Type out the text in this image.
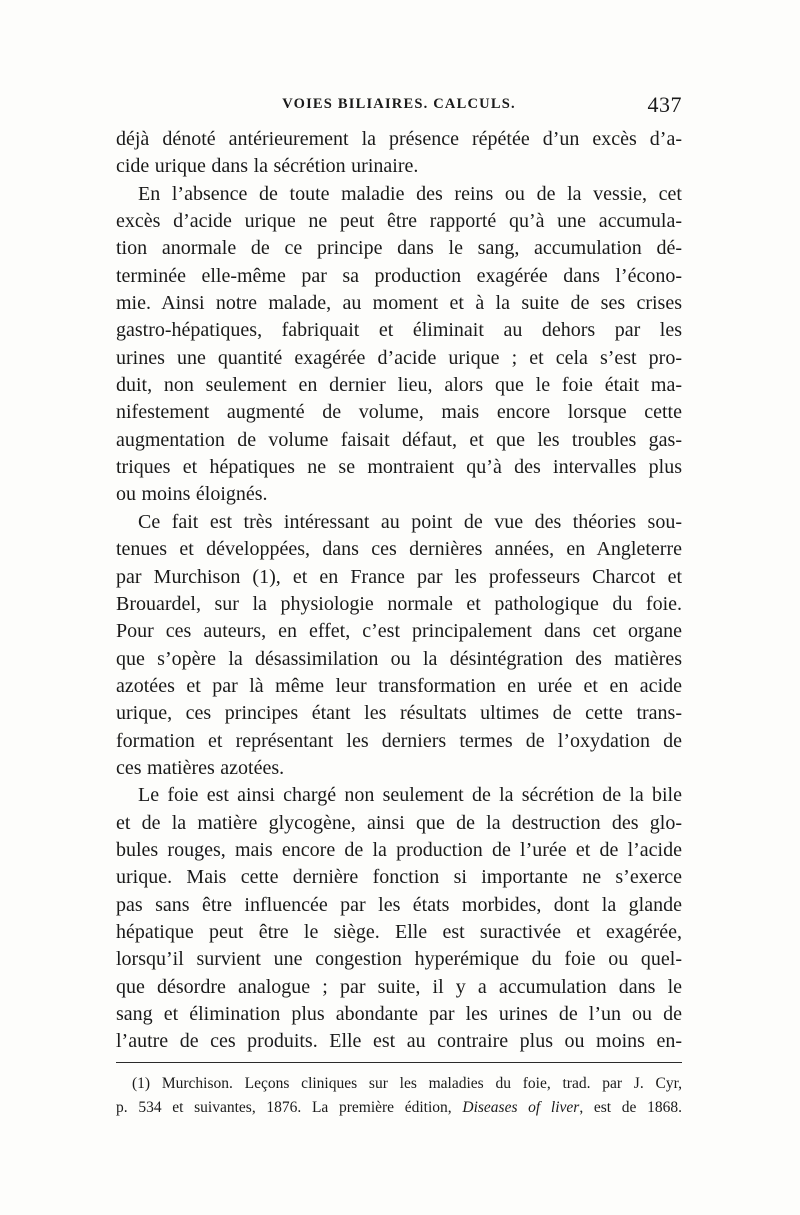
VOIES BILIAIRES. CALCULS.	437
déjà dénoté antérieurement la présence répétée d’un excès d’a-
cide urique dans la sécrétion urinaire.
En l’absence de toute maladie des reins ou de la vessie, cet
excès d’acide urique ne peut être rapporté qu’à une accumula-
tion anormale de ce principe dans le sang, accumulation dé-
terminée elle-même par sa production exagérée dans l’écono-
mie. Ainsi notre malade, au moment et à la suite de ses crises
gastro-hépatiques, fabriquait et éliminait au dehors par les
urines une quantité exagérée d’acide urique ; et cela s’est pro-
duit, non seulement en dernier lieu, alors que le foie était ma-
nifestement augmenté de volume, mais encore lorsque cette
augmentation de volume faisait défaut, et que les troubles gas-
triques et hépatiques ne se montraient qu’à des intervalles plus
ou moins éloignés.
Ce fait est très intéressant au point de vue des théories sou-
tenues et développées, dans ces dernières années, en Angleterre
par Murchison (1), et en France par les professeurs Charcot et
Brouardel, sur la physiologie normale et pathologique du foie.
Pour ces auteurs, en effet, c’est principalement dans cet organe
que s’opère la désassimilation ou la désintégration des matières
azotées et par là même leur transformation en urée et en acide
urique, ces principes étant les résultats ultimes de cette trans-
formation et représentant les derniers termes de l’oxydation de
ces matières azotées.
Le foie est ainsi chargé non seulement de la sécrétion de la bile
et de la matière glycogène, ainsi que de la destruction des glo-
bules rouges, mais encore de la production de l’urée et de l’acide
urique. Mais cette dernière fonction si importante ne s’exerce
pas sans être influencée par les états morbides, dont la glande
hépatique peut être le siège. Elle est suractivée et exagérée,
lorsqu’il survient une congestion hyperémique du foie ou quel-
que désordre analogue ; par suite, il y a accumulation dans le
sang et élimination plus abondante par les urines de l’un ou de
l’autre de ces produits. Elle est au contraire plus ou moins en-
(1) Murchison. Leçons cliniques sur les maladies du foie, trad. par J. Cyr,
p. 534 et suivantes, 1876. La première édition, Diseases of liver, est de 1868.
